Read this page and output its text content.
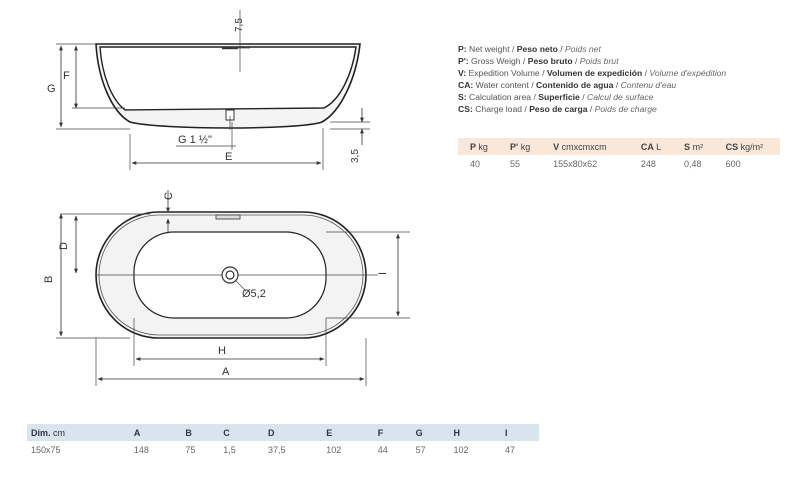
G
F
7,5
G 1 ½"
E	3,5
Ø5,2
C
D
B
I
H
A
P: Net weight / Peso neto / Poids net
P': Gross Weigh / Peso bruto / Poids brut
V: Expedition Volume / Volumen de expedición / Volume d'expédition
CA: Water content / Contenido de agua / Contenu d'eau
S: Calculation area / Superficie / Calcul de surface
CS: Charge load / Peso de carga / Poids de charge
P kg	P' kg	V cmxcmxcm	CA L	S m²	CS kg/m²
40	55	155x80x62	248	0,48	600
Dim. cm	A	B	C	D	E	F	G	H	I
150x75	148	75	1,5	37,5	102	44	57	102	47
